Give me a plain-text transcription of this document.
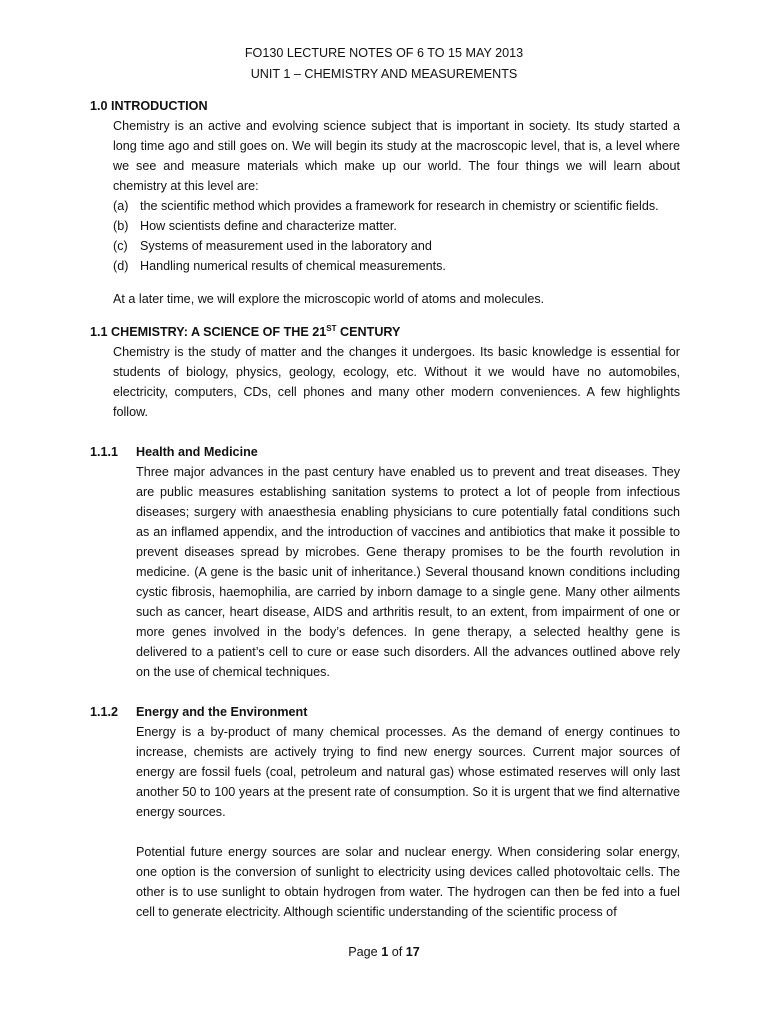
FO130 LECTURE NOTES OF 6 TO 15 MAY 2013
UNIT 1 – CHEMISTRY AND MEASUREMENTS
1.0 INTRODUCTION
Chemistry is an active and evolving science subject that is important in society. Its study started a long time ago and still goes on. We will begin its study at the macroscopic level, that is, a level where we see and measure materials which make up our world. The four things we will learn about chemistry at this level are:
(a) the scientific method which provides a framework for research in chemistry or scientific fields.
(b) How scientists define and characterize matter.
(c) Systems of measurement used in the laboratory and
(d) Handling numerical results of chemical measurements.
At a later time, we will explore the microscopic world of atoms and molecules.
1.1 CHEMISTRY: A SCIENCE OF THE 21ST CENTURY
Chemistry is the study of matter and the changes it undergoes. Its basic knowledge is essential for students of biology, physics, geology, ecology, etc. Without it we would have no automobiles, electricity, computers, CDs, cell phones and many other modern conveniences. A few highlights follow.
1.1.1 Health and Medicine
Three major advances in the past century have enabled us to prevent and treat diseases. They are public measures establishing sanitation systems to protect a lot of people from infectious diseases; surgery with anaesthesia enabling physicians to cure potentially fatal conditions such as an inflamed appendix, and the introduction of vaccines and antibiotics that make it possible to prevent diseases spread by microbes. Gene therapy promises to be the fourth revolution in medicine. (A gene is the basic unit of inheritance.) Several thousand known conditions including cystic fibrosis, haemophilia, are carried by inborn damage to a single gene. Many other ailments such as cancer, heart disease, AIDS and arthritis result, to an extent, from impairment of one or more genes involved in the body’s defences. In gene therapy, a selected healthy gene is delivered to a patient’s cell to cure or ease such disorders. All the advances outlined above rely on the use of chemical techniques.
1.1.2 Energy and the Environment
Energy is a by-product of many chemical processes. As the demand of energy continues to increase, chemists are actively trying to find new energy sources. Current major sources of energy are fossil fuels (coal, petroleum and natural gas) whose estimated reserves will only last another 50 to 100 years at the present rate of consumption. So it is urgent that we find alternative energy sources.
Potential future energy sources are solar and nuclear energy. When considering solar energy, one option is the conversion of sunlight to electricity using devices called photovoltaic cells. The other is to use sunlight to obtain hydrogen from water. The hydrogen can then be fed into a fuel cell to generate electricity. Although scientific understanding of the scientific process of
Page 1 of 17
